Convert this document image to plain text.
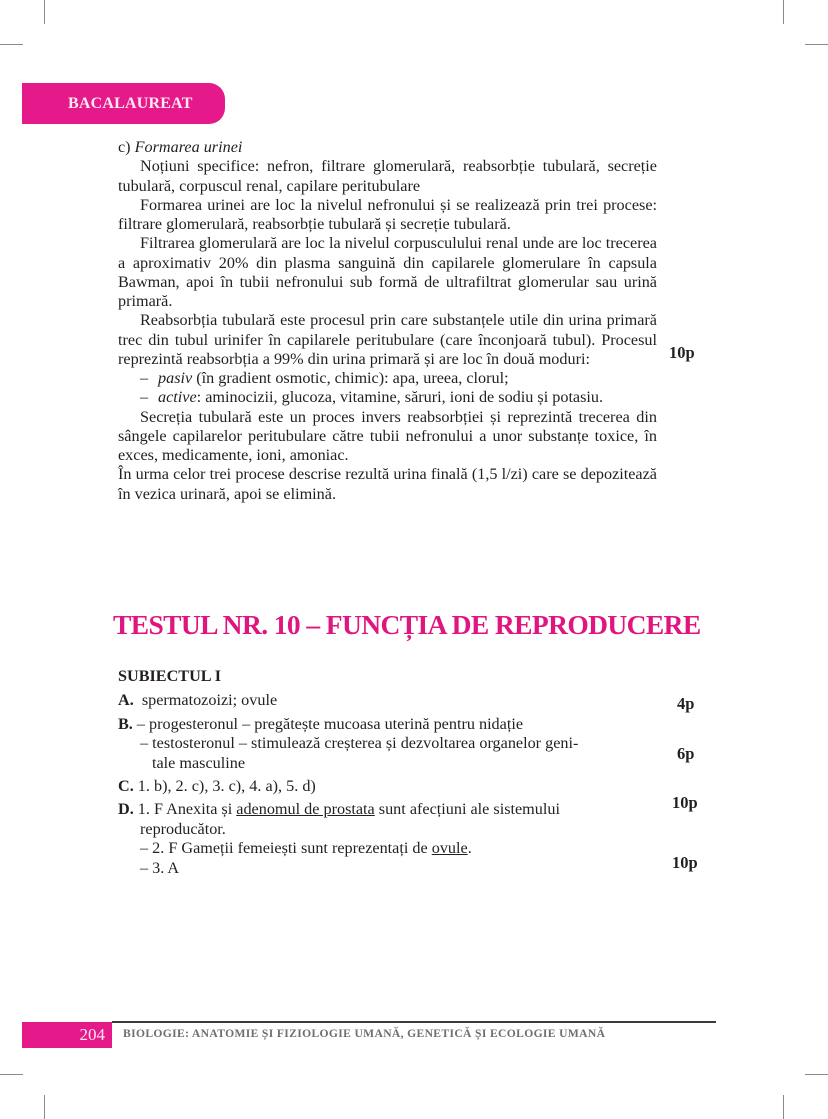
BACALAUREAT

c) Formarea urinei

Noțiuni specifice: nefron, filtrare glomerulară, reabsorbție tubulară, secreție tubulară, corpuscul renal, capilare peritubulare

Formarea urinei are loc la nivelul nefronului și se realizează prin trei procese: filtrare glomerulară, reabsorbție tubulară și secreție tubulară.

Filtrarea glomerulară are loc la nivelul corpusculului renal unde are loc trecerea a aproximativ 20% din plasma sanguină din capilarele glomerulare în capsula Bawman, apoi în tubii nefronului sub formă de ultrafiltrat glomerular sau urină primară.

Reabsorbția tubulară este procesul prin care substanțele utile din urina primară trec din tubul urinifer în capilarele peritubulare (care înconjoară tubul). Procesul reprezintă reabsorbția a 99% din urina primară și are loc în două moduri:

– pasiv (în gradient osmotic, chimic): apa, ureea, clorul;

– active: aminocizii, glucoza, vitamine, săruri, ioni de sodiu și potasiu.

Secreția tubulară este un proces invers reabsorbției și reprezintă trecerea din sângele capilarelor peritubulare către tubii nefronului a unor substanțe toxice, în exces, medicamente, ioni, amoniac.

În urma celor trei procese descrise rezultă urina finală (1,5 l/zi) care se depozitează în vezica urinară, apoi se elimină.

10p
TESTUL NR. 10 – FUNCȚIA DE REPRODUCERE
SUBIECTUL I
A. spermatozoizi; ovule
B. – progesteronul – pregătește mucoasa uterină pentru nidație
– testosteronul – stimulează creșterea și dezvoltarea organelor geni-
tale masculine
C. 1. b), 2. c), 3. c), 4. a), 5. d)
D. 1. F Anexita și adenomul de prostata sunt afecțiuni ale sistemului
reproducător.
– 2. F Gameții femeiești sunt reprezentați de ovule.
– 3. A
4p
6p
10p
10p
204 BIOLOGIE: ANATOMIE ȘI FIZIOLOGIE UMANĂ, GENETICĂ ȘI ECOLOGIE UMANĂ
